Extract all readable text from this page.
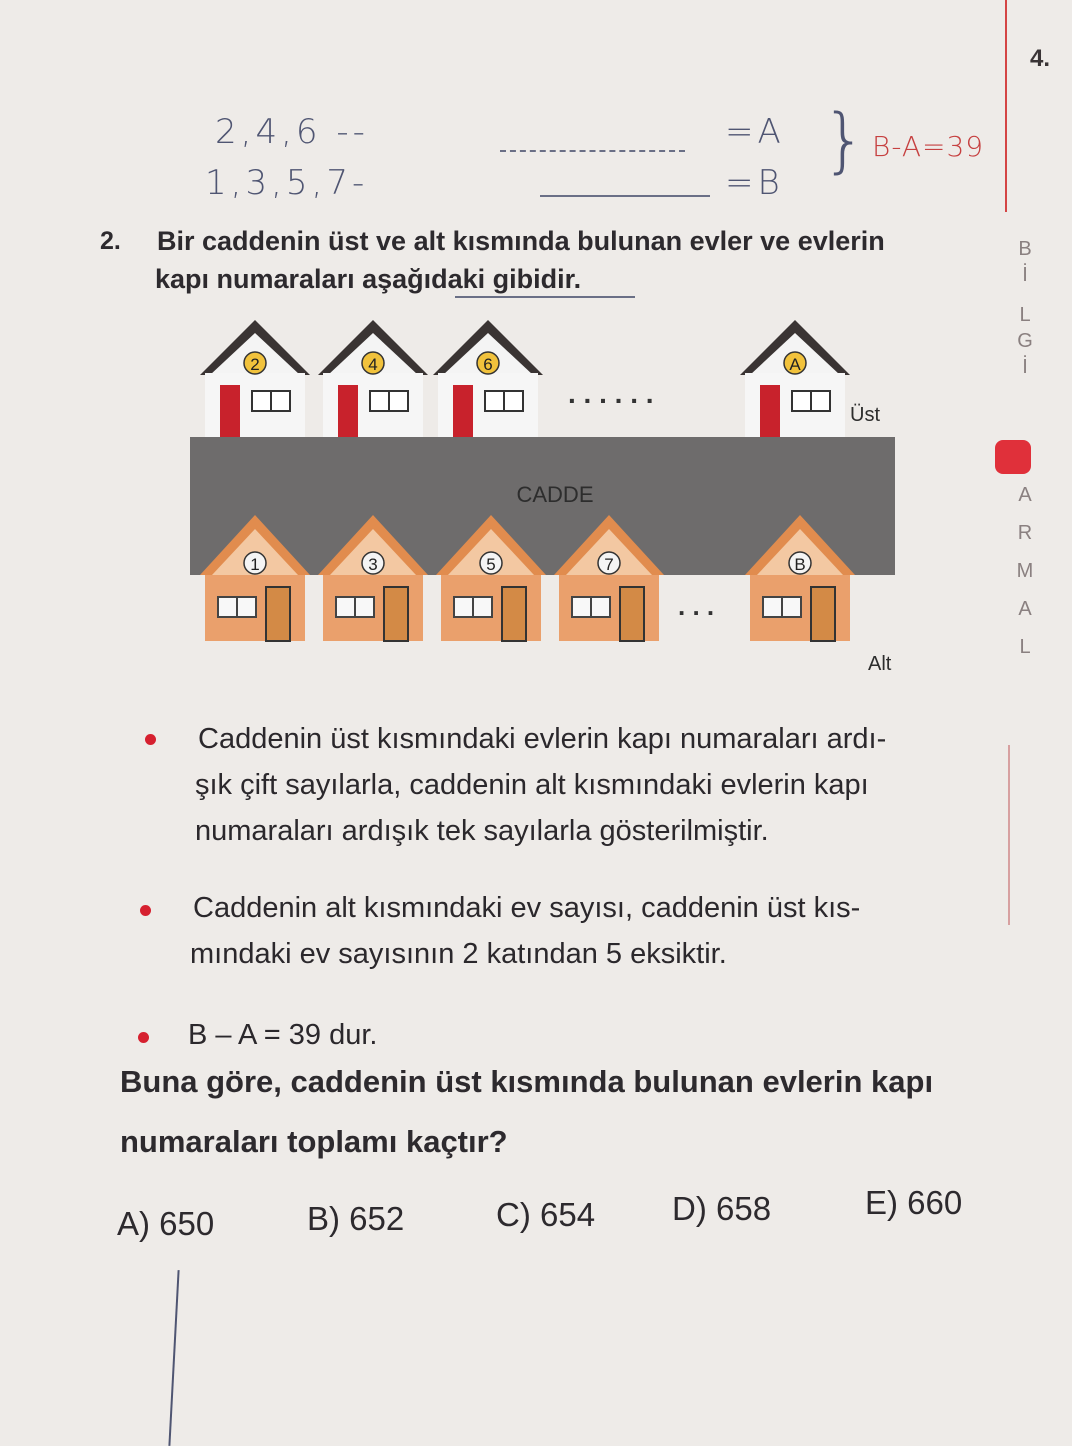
4.
2,4,6 --	=A
1,3,5,7-	=B
} B-A=39
2. Bir caddenin üst ve alt kısmında bulunan evler ve evlerin
kapı numaraları aşağıdaki gibidir.
CADDE
2	4	6
. . . . . .
A
Üst
1	3	5	7
. . .
B
Alt
Caddenin üst kısmındaki evlerin kapı numaraları ardı-
şık çift sayılarla, caddenin alt kısmındaki evlerin kapı
numaraları ardışık tek sayılarla gösterilmiştir.
Caddenin alt kısmındaki ev sayısı, caddenin üst kıs-
mındaki ev sayısının 2 katından 5 eksiktir.
B – A = 39 dur.
Buna göre, caddenin üst kısmında bulunan evlerin kapı
numaraları toplamı kaçtır?
A) 650	B) 652	C) 654 D) 658	E) 660
B
İ
L
G
İ
A
R
M
A
L
